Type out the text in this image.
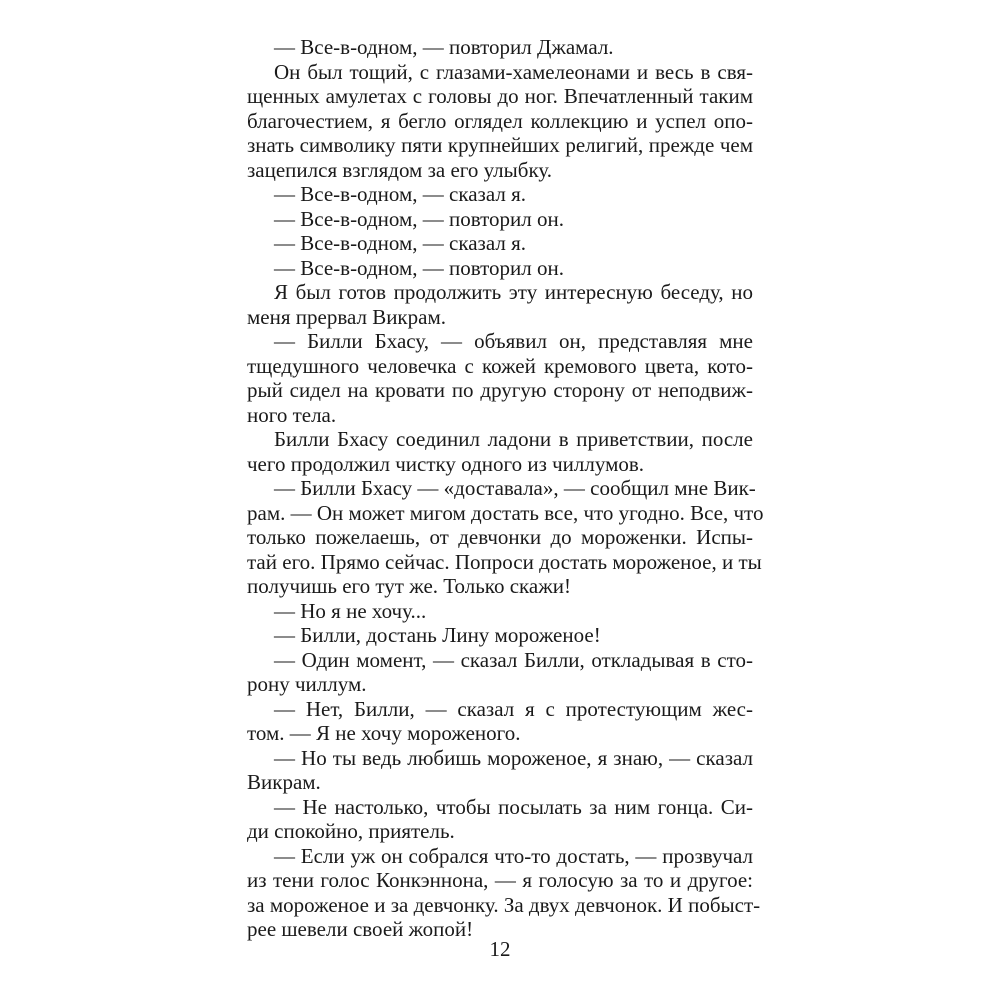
— Все-в-одном, — повторил Джамал.
Он был тощий, с глазами-хамелеонами и весь в свя-
щенных амулетах с головы до ног. Впечатленный таким
благочестием, я бегло оглядел коллекцию и успел опо-
знать символику пяти крупнейших религий, прежде чем
зацепился взглядом за его улыбку.
— Все-в-одном, — сказал я.
— Все-в-одном, — повторил он.
— Все-в-одном, — сказал я.
— Все-в-одном, — повторил он.
Я был готов продолжить эту интересную беседу, но
меня прервал Викрам.
— Билли Бхасу, — объявил он, представляя мне
тщедушного человечка с кожей кремового цвета, кото-
рый сидел на кровати по другую сторону от неподвиж-
ного тела.
Билли Бхасу соединил ладони в приветствии, после
чего продолжил чистку одного из чиллумов.
— Билли Бхасу — «доставала», — сообщил мне Вик-
рам. — Он может мигом достать все, что угодно. Все, что
только пожелаешь, от девчонки до мороженки. Испы-
тай его. Прямо сейчас. Попроси достать мороженое, и ты
получишь его тут же. Только скажи!
— Но я не хочу...
— Билли, достань Лину мороженое!
— Один момент, — сказал Билли, откладывая в сто-
рону чиллум.
— Нет, Билли, — сказал я с протестующим жес-
том. — Я не хочу мороженого.
— Но ты ведь любишь мороженое, я знаю, — сказал
Викрам.
— Не настолько, чтобы посылать за ним гонца. Си-
ди спокойно, приятель.
— Если уж он собрался что-то достать, — прозвучал
из тени голос Конкэннона, — я голосую за то и другое:
за мороженое и за девчонку. За двух девчонок. И побыст-
рее шевели своей жопой!
12
